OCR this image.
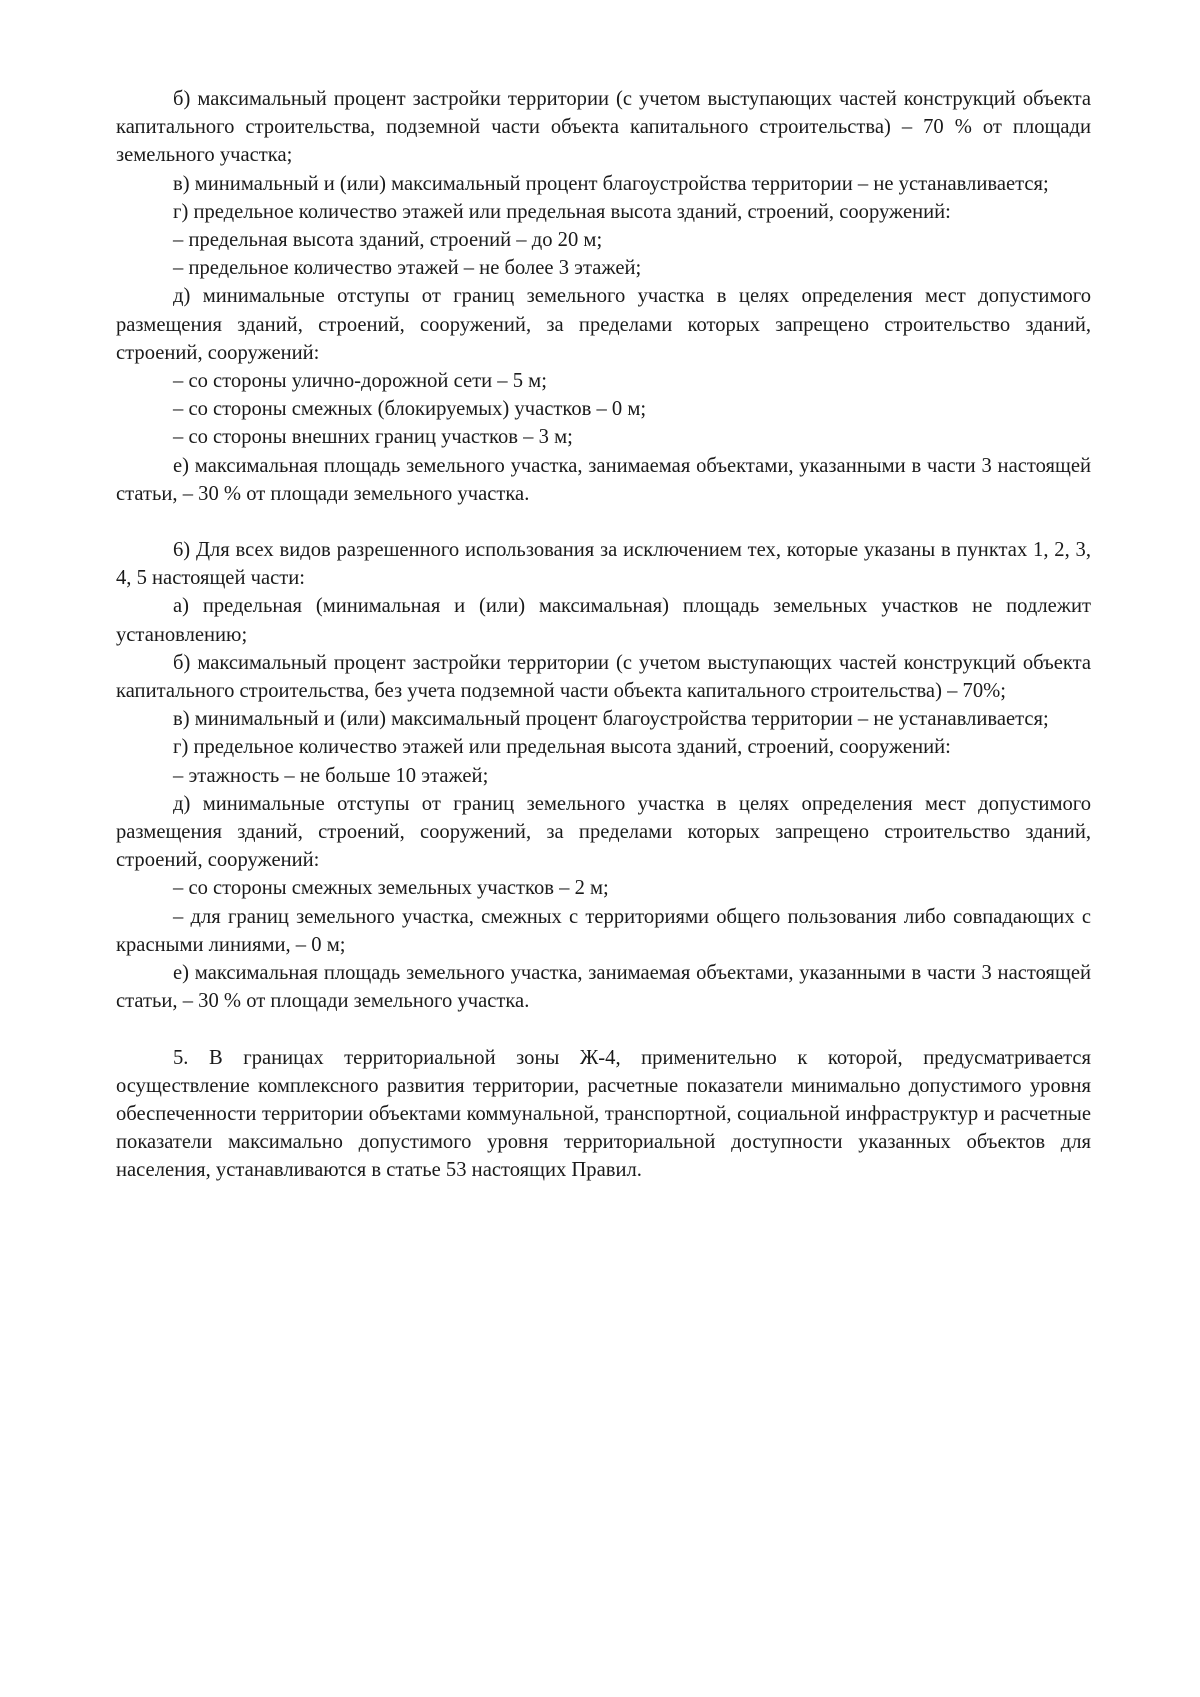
б) максимальный процент застройки территории (с учетом выступающих частей конструкций объекта капитального строительства, подземной части объекта капитального строительства) – 70 % от площади земельного участка;

в) минимальный и (или) максимальный процент благоустройства территории – не устанавливается;

г) предельное количество этажей или предельная высота зданий, строений, сооружений:

– предельная высота зданий, строений – до 20 м;

– предельное количество этажей – не более 3 этажей;

д) минимальные отступы от границ земельного участка в целях определения мест допустимого размещения зданий, строений, сооружений, за пределами которых запрещено строительство зданий, строений, сооружений:

– со стороны улично-дорожной сети – 5 м;

– со стороны смежных (блокируемых) участков – 0 м;

– со стороны внешних границ участков – 3 м;

е) максимальная площадь земельного участка, занимаемая объектами, указанными в части 3 настоящей статьи, – 30 % от площади земельного участка.

6) Для всех видов разрешенного использования за исключением тех, которые указаны в пунктах 1, 2, 3, 4, 5 настоящей части:

а) предельная (минимальная и (или) максимальная) площадь земельных участков не подлежит установлению;

б) максимальный процент застройки территории (с учетом выступающих частей конструкций объекта капитального строительства, без учета подземной части объекта капитального строительства) – 70%;

в) минимальный и (или) максимальный процент благоустройства территории – не устанавливается;

г) предельное количество этажей или предельная высота зданий, строений, сооружений:

– этажность – не больше 10 этажей;

д) минимальные отступы от границ земельного участка в целях определения мест допустимого размещения зданий, строений, сооружений, за пределами которых запрещено строительство зданий, строений, сооружений:

– со стороны смежных земельных участков – 2 м;

– для границ земельного участка, смежных с территориями общего пользования либо совпадающих с красными линиями, – 0 м;

е) максимальная площадь земельного участка, занимаемая объектами, указанными в части 3 настоящей статьи, – 30 % от площади земельного участка.

5. В границах территориальной зоны Ж-4, применительно к которой, предусматривается осуществление комплексного развития территории, расчетные показатели минимально допустимого уровня обеспеченности территории объектами коммунальной, транспортной, социальной инфраструктур и расчетные показатели максимально допустимого уровня территориальной доступности указанных объектов для населения, устанавливаются в статье 53 настоящих Правил.
